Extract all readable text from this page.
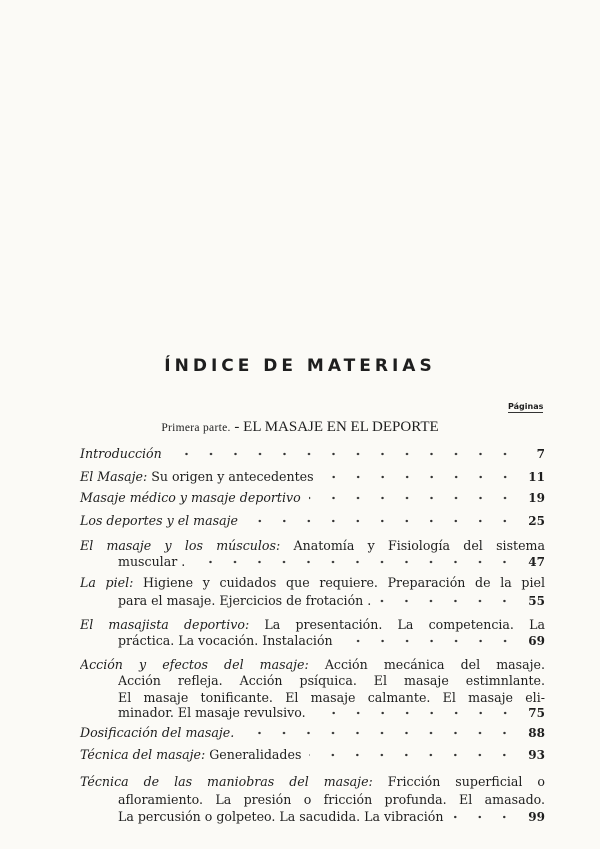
ÍNDICE DE MATERIAS
Páginas
Primera parte. - EL MASAJE EN EL DEPORTE
Introducción	7
El Masaje: Su origen y antecedentes	11
Masaje médico y masaje deportivo	19
Los deportes y el masaje	25
El masaje y los músculos: Anatomía y Fisiología del sistema
muscular .	47
La piel: Higiene y cuidados que requiere. Preparación de la piel
para el masaje. Ejercicios de frotación .	55
El masajista deportivo: La presentación. La competencia. La
práctica. La vocación. Instalación	69
Acción y efectos del masaje: Acción mecánica del masaje.
Acción refleja. Acción psíquica. El masaje estimnlante.
El masaje tonificante. El masaje calmante. El masaje eli-
minador. El masaje revulsivo.	75
Dosificación del masaje.	88
Técnica del masaje: Generalidades	93
Técnica de las maniobras del masaje: Fricción superficial o
afloramiento. La presión o fricción profunda. El amasado.
La percusión o golpeteo. La sacudida. La vibración	99
